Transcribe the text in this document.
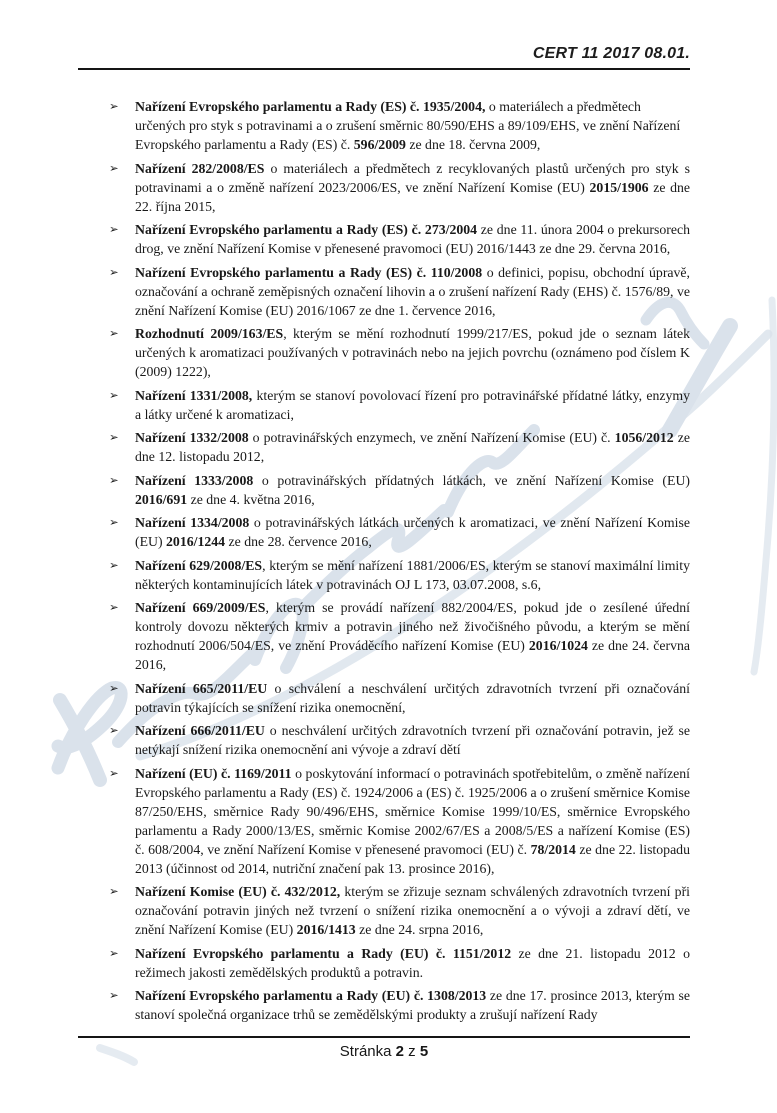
CERT 11 2017 08.01.
➢ Nařízení Evropského parlamentu a Rady (ES) č. 1935/2004, o materiálech a předmětech určených pro styk s potravinami a o zrušení směrnic 80/590/EHS a 89/109/EHS, ve znění Nařízení Evropského parlamentu a Rady (ES) č. 596/2009 ze dne 18. června 2009,
➢ Nařízení 282/2008/ES o materiálech a předmětech z recyklovaných plastů určených pro styk s potravinami a o změně nařízení 2023/2006/ES, ve znění Nařízení Komise (EU) 2015/1906 ze dne 22. října 2015,
➢ Nařízení Evropského parlamentu a Rady (ES) č. 273/2004 ze dne 11. února 2004 o prekursorech drog, ve znění Nařízení Komise v přenesené pravomoci (EU) 2016/1443 ze dne 29. června 2016,
➢ Nařízení Evropského parlamentu a Rady (ES) č. 110/2008 o definici, popisu, obchodní úpravě, označování a ochraně zeměpisných označení lihovin a o zrušení nařízení Rady (EHS) č. 1576/89, ve znění Nařízení Komise (EU) 2016/1067 ze dne 1. července 2016,
➢ Rozhodnutí 2009/163/ES, kterým se mění rozhodnutí 1999/217/ES, pokud jde o seznam látek určených k aromatizaci používaných v potravinách nebo na jejich povrchu (oznámeno pod číslem K (2009) 1222),
➢ Nařízení 1331/2008, kterým se stanoví povolovací řízení pro potravinářské přídatné látky, enzymy a látky určené k aromatizaci,
➢ Nařízení 1332/2008 o potravinářských enzymech, ve znění Nařízení Komise (EU) č. 1056/2012 ze dne 12. listopadu 2012,
➢ Nařízení 1333/2008 o potravinářských přídatných látkách, ve znění Nařízení Komise (EU) 2016/691 ze dne 4. května 2016,
➢ Nařízení 1334/2008 o potravinářských látkách určených k aromatizaci, ve znění Nařízení Komise (EU) 2016/1244 ze dne 28. července 2016,
➢ Nařízení 629/2008/ES, kterým se mění nařízení 1881/2006/ES, kterým se stanoví maximální limity některých kontaminujících látek v potravinách OJ L 173, 03.07.2008, s.6,
➢ Nařízení 669/2009/ES, kterým se provádí nařízení 882/2004/ES, pokud jde o zesílené úřední kontroly dovozu některých krmiv a potravin jiného než živočišného původu, a kterým se mění rozhodnutí 2006/504/ES, ve znění Prováděcího nařízení Komise (EU) 2016/1024 ze dne 24. června 2016,
➢ Nařízení 665/2011/EU o schválení a neschválení určitých zdravotních tvrzení při označování potravin týkajících se snížení rizika onemocnění,
➢ Nařízení 666/2011/EU o neschválení určitých zdravotních tvrzení při označování potravin, jež se netýkají snížení rizika onemocnění ani vývoje a zdraví dětí
➢ Nařízení (EU) č. 1169/2011 o poskytování informací o potravinách spotřebitelům, o změně nařízení Evropského parlamentu a Rady (ES) č. 1924/2006 a (ES) č. 1925/2006 a o zrušení směrnice Komise 87/250/EHS, směrnice Rady 90/496/EHS, směrnice Komise 1999/10/ES, směrnice Evropského parlamentu a Rady 2000/13/ES, směrnic Komise 2002/67/ES a 2008/5/ES a nařízení Komise (ES) č. 608/2004, ve znění Nařízení Komise v přenesené pravomoci (EU) č. 78/2014 ze dne 22. listopadu 2013 (účinnost od 2014, nutriční značení pak 13. prosince 2016),
➢ Nařízení Komise (EU) č. 432/2012, kterým se zřizuje seznam schválených zdravotních tvrzení při označování potravin jiných než tvrzení o snížení rizika onemocnění a o vývoji a zdraví dětí, ve znění Nařízení Komise (EU) 2016/1413 ze dne 24. srpna 2016,
➢ Nařízení Evropského parlamentu a Rady (EU) č. 1151/2012 ze dne 21. listopadu 2012 o režimech jakosti zemědělských produktů a potravin.
➢ Nařízení Evropského parlamentu a Rady (EU) č. 1308/2013 ze dne 17. prosince 2013, kterým se stanoví společná organizace trhů se zemědělskými produkty a zrušují nařízení Rady
Stránka 2 z 5
